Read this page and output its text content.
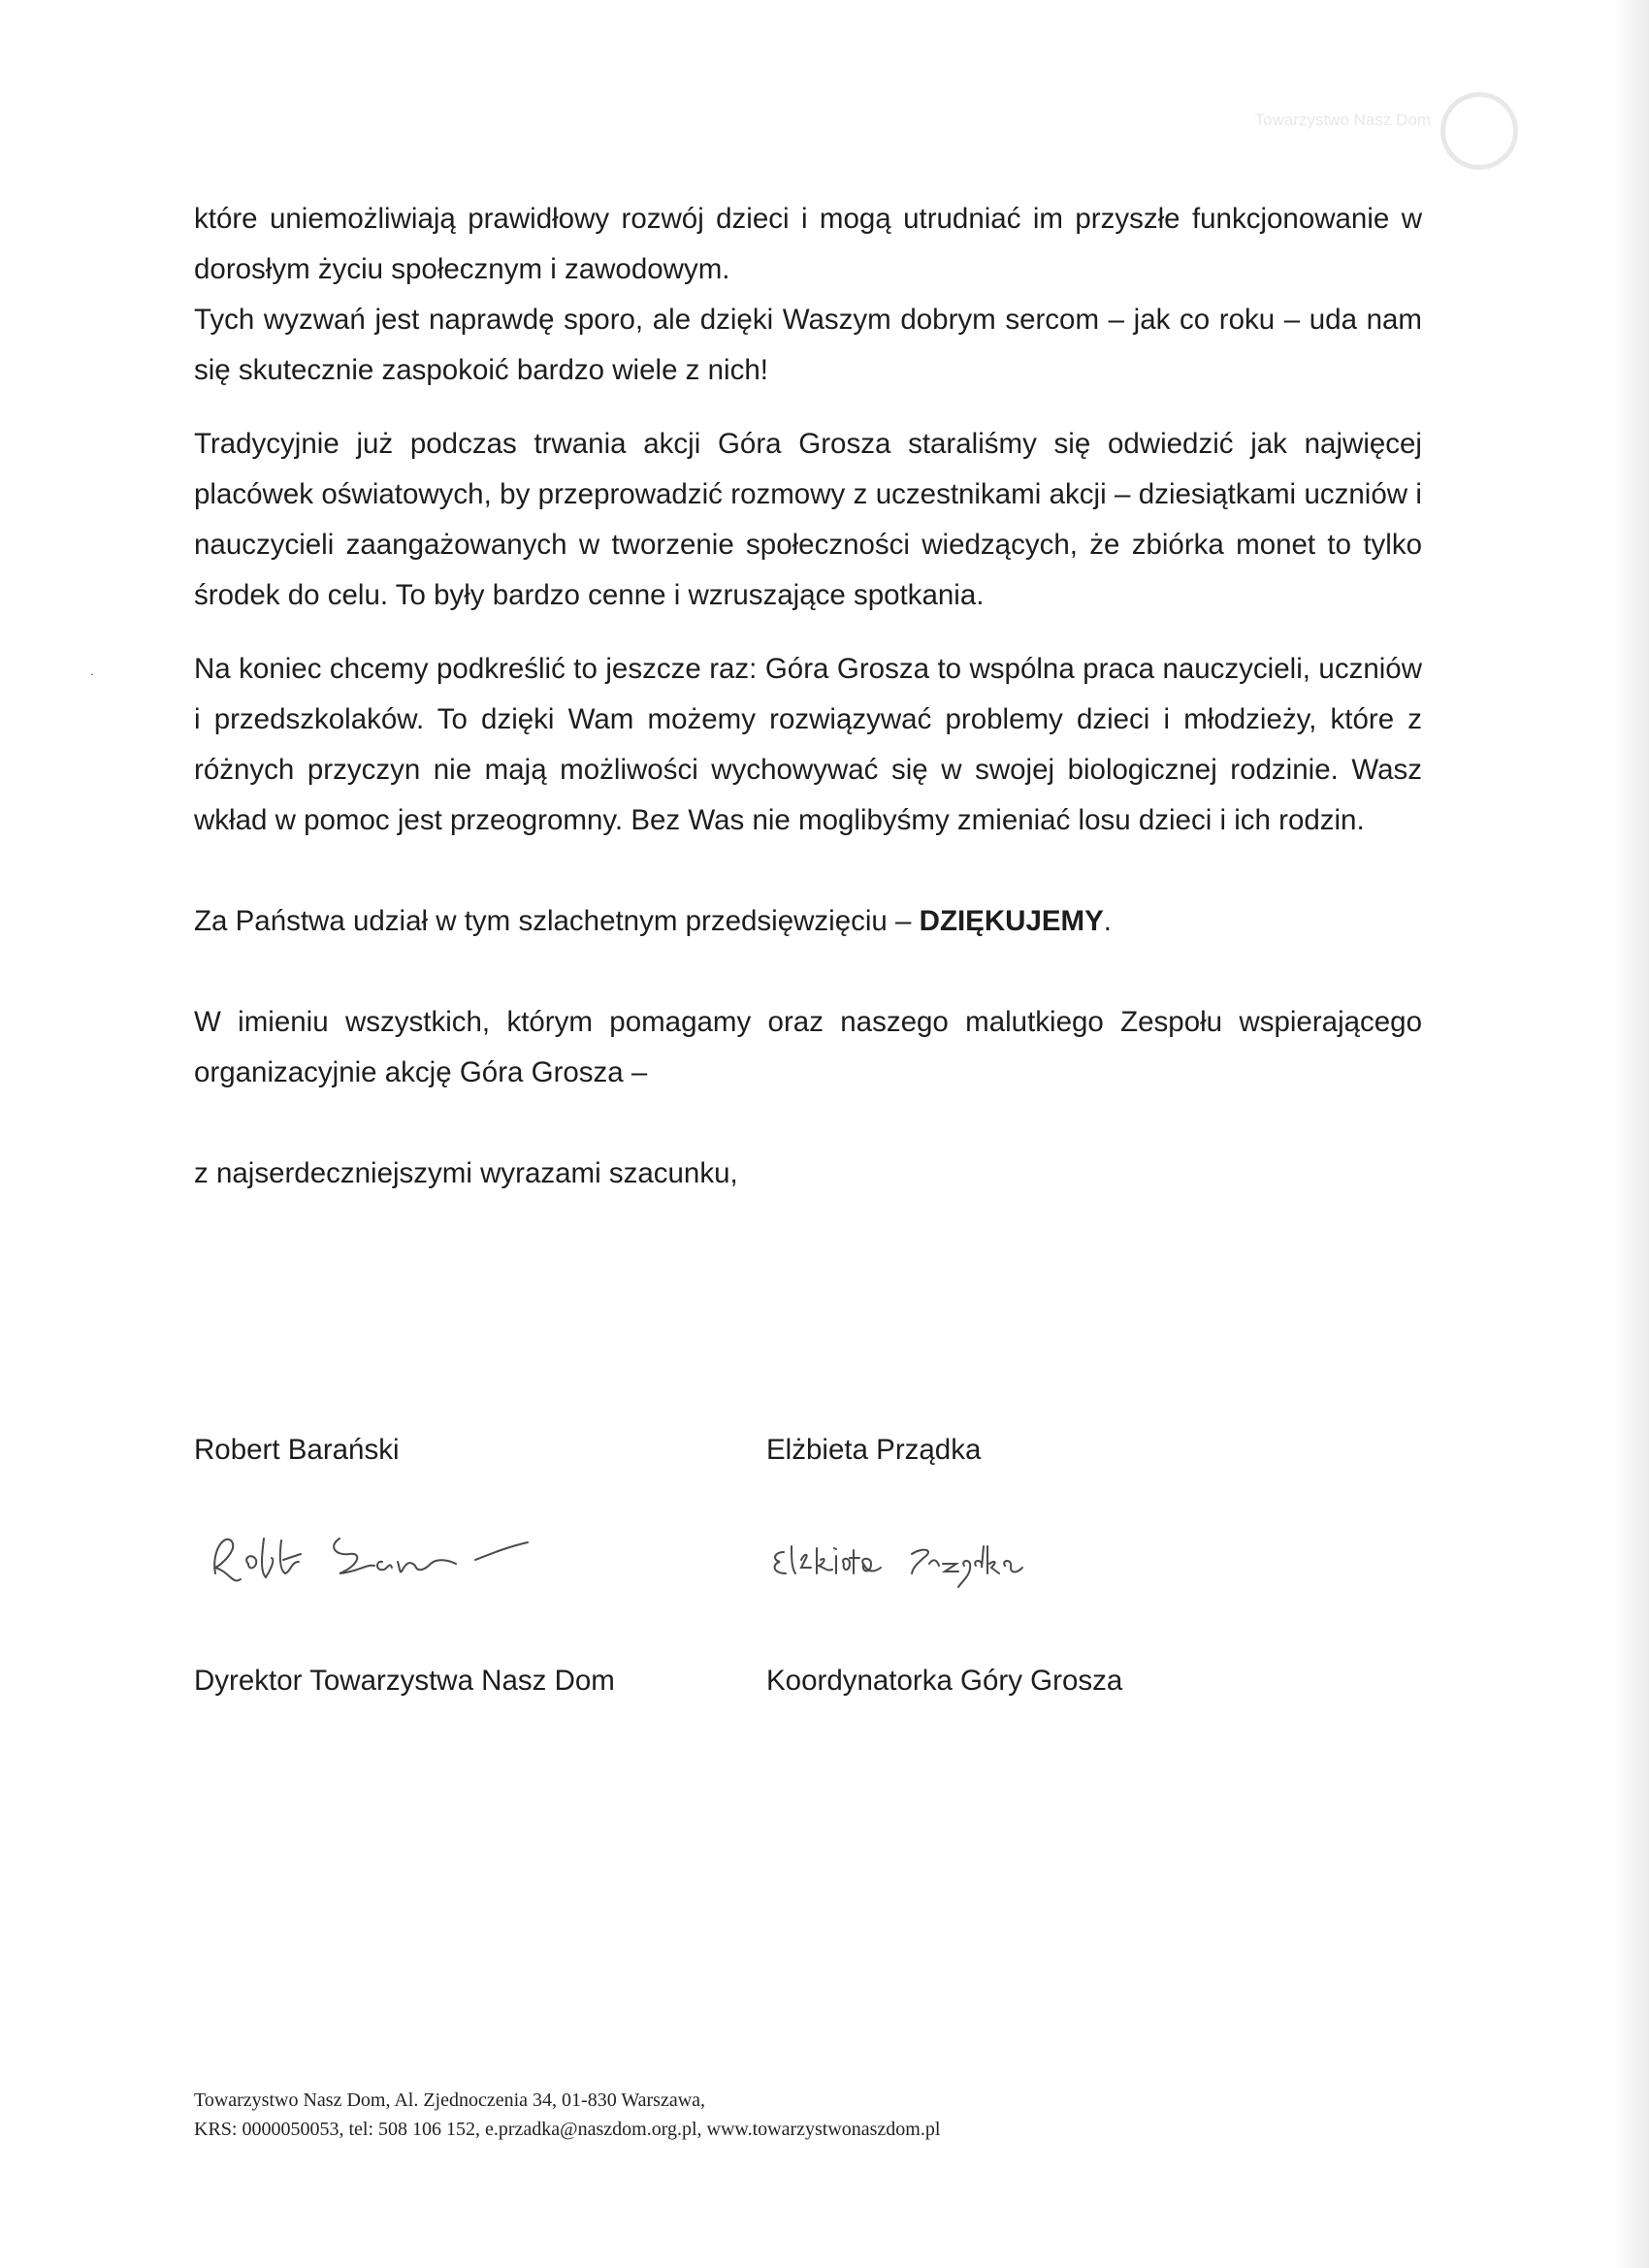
Towarzystwo Nasz Dom
˙

które uniemożliwiają prawidłowy rozwój dzieci i mogą utrudniać im przyszłe funkcjonowanie w dorosłym życiu społecznym i zawodowym.

Tych wyzwań jest naprawdę sporo, ale dzięki Waszym dobrym sercom – jak co roku – uda nam się skutecznie zaspokoić bardzo wiele z nich!

Tradycyjnie już podczas trwania akcji Góra Grosza staraliśmy się odwiedzić jak najwięcej placówek oświatowych, by przeprowadzić rozmowy z uczestnikami akcji – dziesiątkami uczniów i nauczycieli zaangażowanych w tworzenie społeczności wiedzących, że zbiórka monet to tylko środek do celu. To były bardzo cenne i wzruszające spotkania.

Na koniec chcemy podkreślić to jeszcze raz: Góra Grosza to wspólna praca nauczycieli, uczniów i przedszkolaków. To dzięki Wam możemy rozwiązywać problemy dzieci i młodzieży, które z różnych przyczyn nie mają możliwości wychowywać się w swojej biologicznej rodzinie. Wasz wkład w pomoc jest przeogromny. Bez Was nie moglibyśmy zmieniać losu dzieci i ich rodzin.

Za Państwa udział w tym szlachetnym przedsięwzięciu – DZIĘKUJEMY.

W imieniu wszystkich, którym pomagamy oraz naszego malutkiego Zespołu wspierającego organizacyjnie akcję Góra Grosza –

z najserdeczniejszymi wyrazami szacunku,

Robert Barański
Dyrektor Towarzystwa Nasz Dom
Elżbieta Prządka
Koordynatorka Góry Grosza
Towarzystwo Nasz Dom, Al. Zjednoczenia 34, 01-830 Warszawa,
KRS: 0000050053, tel: 508 106 152, e.przadka@naszdom.org.pl, www.towarzystwonaszdom.pl
